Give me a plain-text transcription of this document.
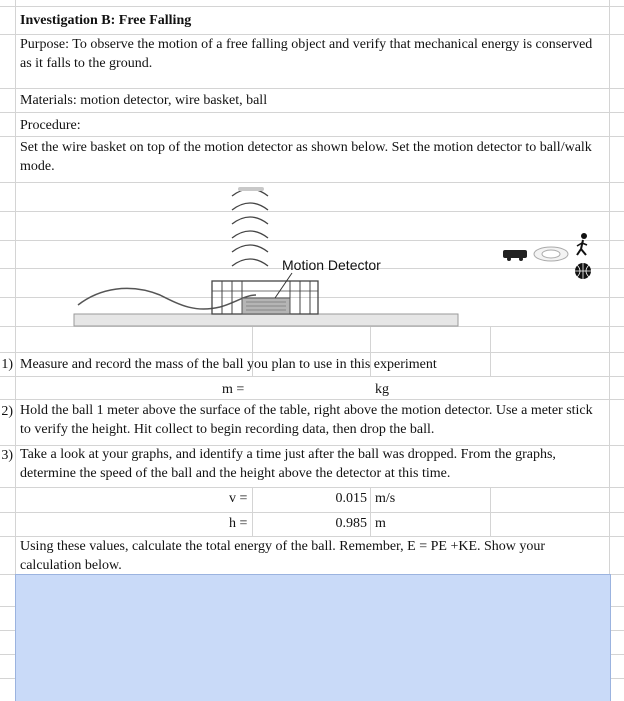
Investigation B: Free Falling
Purpose: To observe the motion of a free falling object and verify that mechanical energy is conserved as it falls to the ground.
Materials: motion detector, wire basket, ball
Procedure:
Set the wire basket on top of the motion detector as shown below. Set the motion detector to ball/walk mode.
Motion Detector
1) Measure and record the mass of the ball you plan to use in this experiment
m =	kg
2) Hold the ball 1 meter above the surface of the table, right above the motion detector. Use a meter stick to verify the height. Hit collect to begin recording data, then drop the ball.
3) Take a look at your graphs, and identify a time just after the ball was dropped. From the graphs, determine the speed of the ball and the height above the detector at this time.
v =	0.015 m/s
h =	0.985 m
Using these values, calculate the total energy of the ball. Remember, E = PE +KE. Show your calculation below.
